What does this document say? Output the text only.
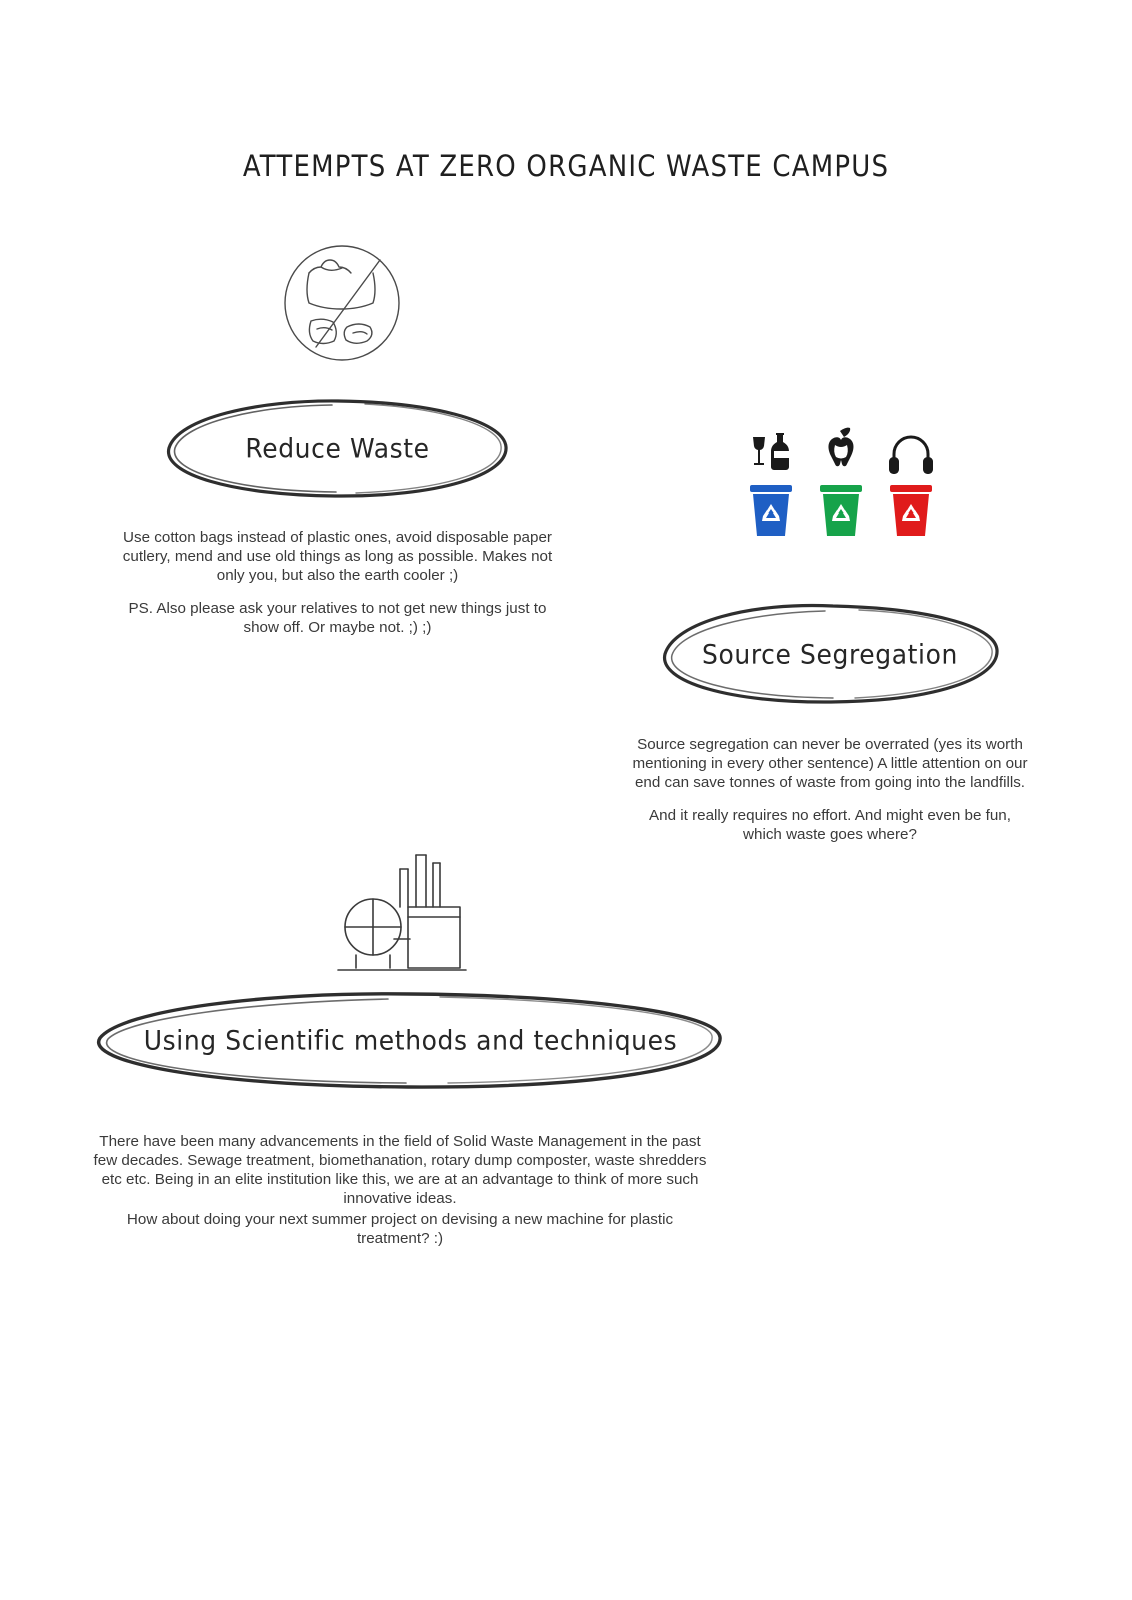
ATTEMPTS AT ZERO ORGANIC WASTE CAMPUS
Reduce Waste

Use cotton bags instead of plastic ones, avoid disposable paper cutlery, mend and use old things as long as possible. Makes not only you, but also the earth cooler ;)

PS. Also please ask your relatives to not get new things just to show off. Or maybe not. ;) ;)

Source Segregation

Source segregation can never be overrated (yes its worth mentioning in every other sentence) A little attention on our end can save tonnes of waste from going into the landfills.

And it really requires no effort. And might even be fun, which waste goes where?

Using Scientific methods and techniques

There have been many advancements in the field of Solid Waste Management in the past few decades. Sewage treatment, biomethanation, rotary dump composter, waste shredders etc etc. Being in an elite institution like this, we are at an advantage to think of more such innovative ideas.

How about doing your next summer project on devising a new machine for plastic treatment? :)
